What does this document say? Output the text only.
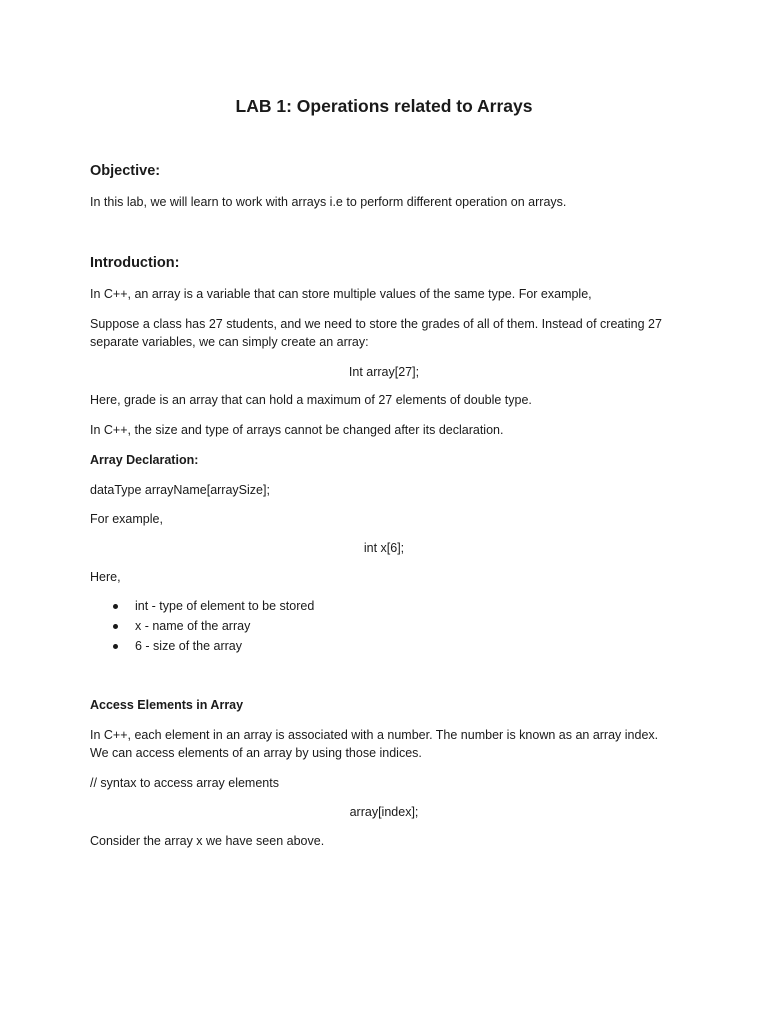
LAB 1: Operations related to Arrays
Objective:
In this lab, we will learn to work with arrays i.e to perform different operation on arrays.
Introduction:
In C++, an array is a variable that can store multiple values of the same type. For example,
Suppose a class has 27 students, and we need to store the grades of all of them. Instead of creating 27
separate variables, we can simply create an array:
Int array[27];
Here, grade is an array that can hold a maximum of 27 elements of double type.
In C++, the size and type of arrays cannot be changed after its declaration.
Array Declaration:
dataType arrayName[arraySize];
For example,
int x[6];
Here,
int - type of element to be stored
x - name of the array
6 - size of the array
Access Elements in Array
In C++, each element in an array is associated with a number. The number is known as an array index.
We can access elements of an array by using those indices.
// syntax to access array elements
array[index];
Consider the array x we have seen above.
